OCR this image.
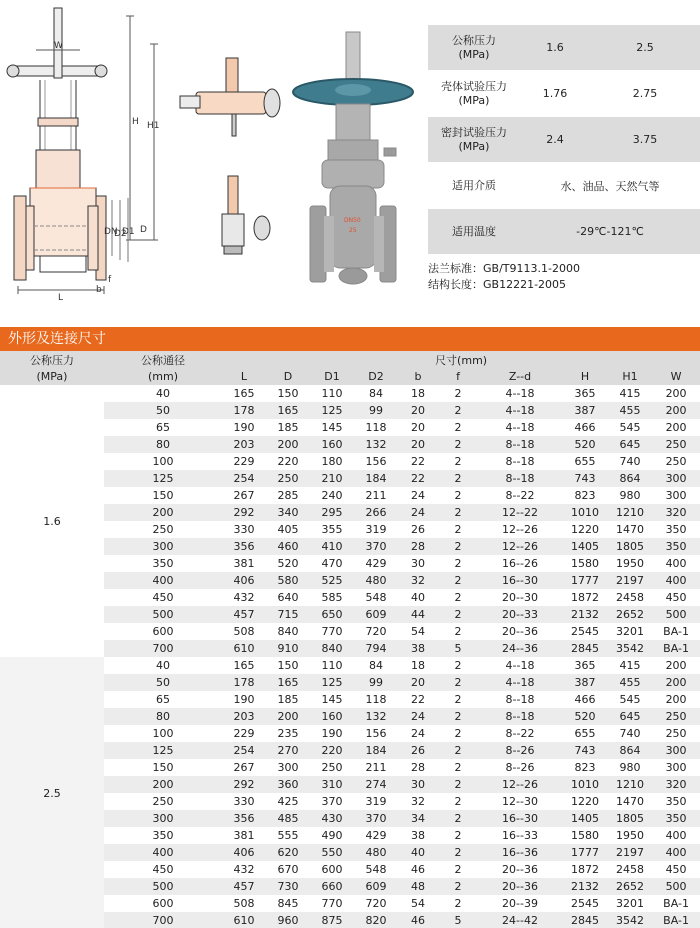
W
H H1
DN
D2
D1 D
f
b
L
DN50
25
公称压力
(MPa)	1.6	2.5
壳体试验压力
(MPa)	1.76	2.75
密封试验压力
(MPa)	2.4	3.75
适用介质	水、油品、天然气等
适用温度	-29℃-121℃
法兰标准：GB/T9113.1-2000
结构长度：GB12221-2005
外形及连接尺寸
公称压力	公称通径	尺寸(mm)									
(MPa)	(mm)	L	D	D1	D2	b	f	Z--d	H	H1	W
1.6	40	165	150	110	84	18	2	4--18	365	415	200
	50	178	165	125	99	20	2	4--18	387	455	200
	65	190	185	145	118	20	2	4--18	466	545	200
	80	203	200	160	132	20	2	8--18	520	645	250
	100	229	220	180	156	22	2	8--18	655	740	250
	125	254	250	210	184	22	2	8--18	743	864	300
	150	267	285	240	211	24	2	8--22	823	980	300
	200	292	340	295	266	24	2	12--22	1010	1210	320
	250	330	405	355	319	26	2	12--26	1220	1470	350
	300	356	460	410	370	28	2	12--26	1405	1805	350
	350	381	520	470	429	30	2	16--26	1580	1950	400
	400	406	580	525	480	32	2	16--30	1777	2197	400
	450	432	640	585	548	40	2	20--30	1872	2458	450
	500	457	715	650	609	44	2	20--33	2132	2652	500
	600	508	840	770	720	54	2	20--36	2545	3201	BA-1
	700	610	910	840	794	38	5	24--36	2845	3542	BA-1
2.5	40	165	150	110	84	18	2	4--18	365	415	200
	50	178	165	125	99	20	2	4--18	387	455	200
	65	190	185	145	118	22	2	8--18	466	545	200
	80	203	200	160	132	24	2	8--18	520	645	250
	100	229	235	190	156	24	2	8--22	655	740	250
	125	254	270	220	184	26	2	8--26	743	864	300
	150	267	300	250	211	28	2	8--26	823	980	300
	200	292	360	310	274	30	2	12--26	1010	1210	320
	250	330	425	370	319	32	2	12--30	1220	1470	350
	300	356	485	430	370	34	2	16--30	1405	1805	350
	350	381	555	490	429	38	2	16--33	1580	1950	400
	400	406	620	550	480	40	2	16--36	1777	2197	400
	450	432	670	600	548	46	2	20--36	1872	2458	450
	500	457	730	660	609	48	2	20--36	2132	2652	500
	600	508	845	770	720	54	2	20--39	2545	3201	BA-1
	700	610	960	875	820	46	5	24--42	2845	3542	BA-1
